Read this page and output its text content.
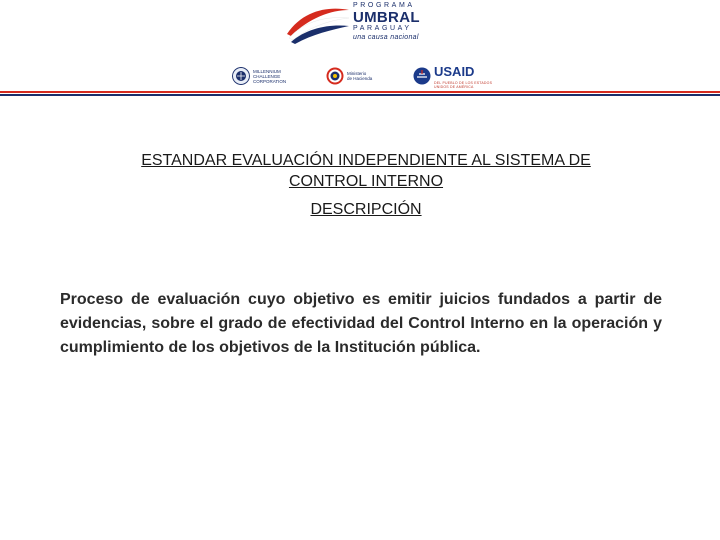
PROGRAMA
UMBRAL
PARAGUAY
una causa nacional
MILLENNIUM
CHALLENGE
CORPORATION
Ministerio
de Hacienda	USAID
DEL PUEBLO DE LOS ESTADOS
UNIDOS DE AMÉRICA
ESTANDAR EVALUACIÓN INDEPENDIENTE AL SISTEMA DE
CONTROL INTERNO
DESCRIPCIÓN
Proceso de evaluación cuyo objetivo es emitir juicios fundados a partir de evidencias, sobre el grado de efectividad del Control Interno en la operación y cumplimiento de los objetivos de la Institución pública.
